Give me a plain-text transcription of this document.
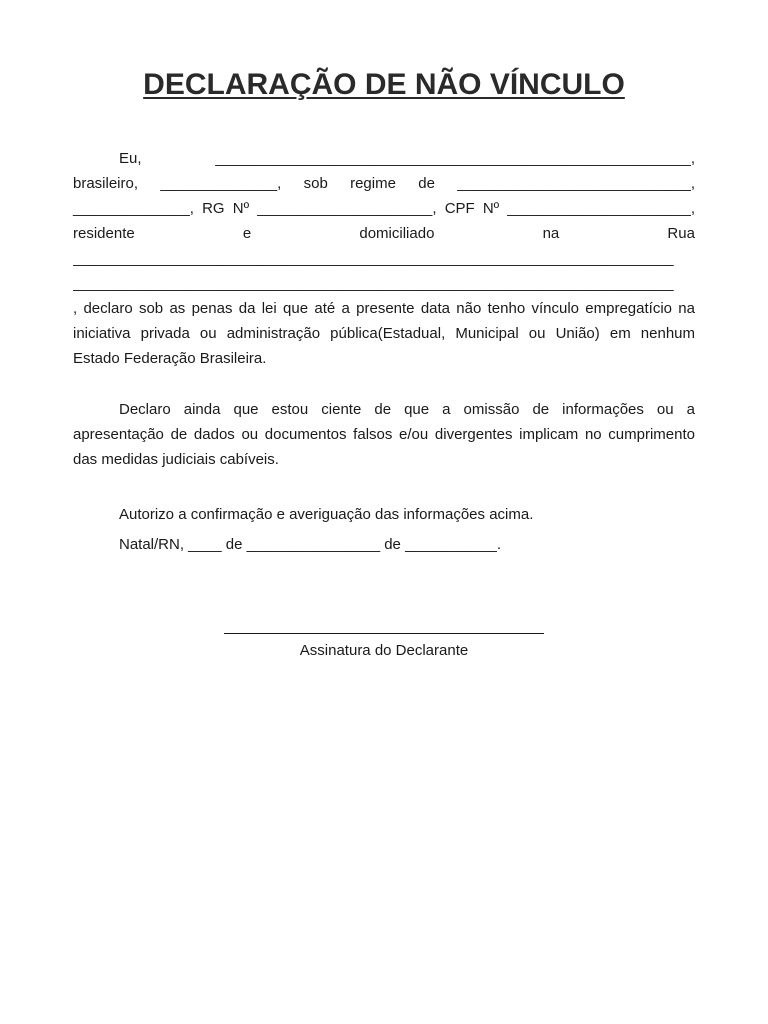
DECLARAÇÃO DE NÃO VÍNCULO
Eu, _________________________________________________________,
brasileiro, ______________, sob regime de ____________________________,
______________, RG Nº _____________________, CPF Nº ______________________,
residente	e	domiciliado	na	Rua
________________________________________________________________________
________________________________________________________________________
, declaro sob as penas da lei que até a presente data não tenho vínculo empregatício na
iniciativa privada ou administração pública(Estadual, Municipal ou União) em nenhum
Estado Federação Brasileira.
Declaro ainda que estou ciente de que a omissão de informações ou a
apresentação de dados ou documentos falsos e/ou divergentes implicam no cumprimento
das medidas judiciais cabíveis.
Autorizo a confirmação e averiguação das informações acima.
Natal/RN, ____ de ________________ de ___________.
Assinatura do Declarante
